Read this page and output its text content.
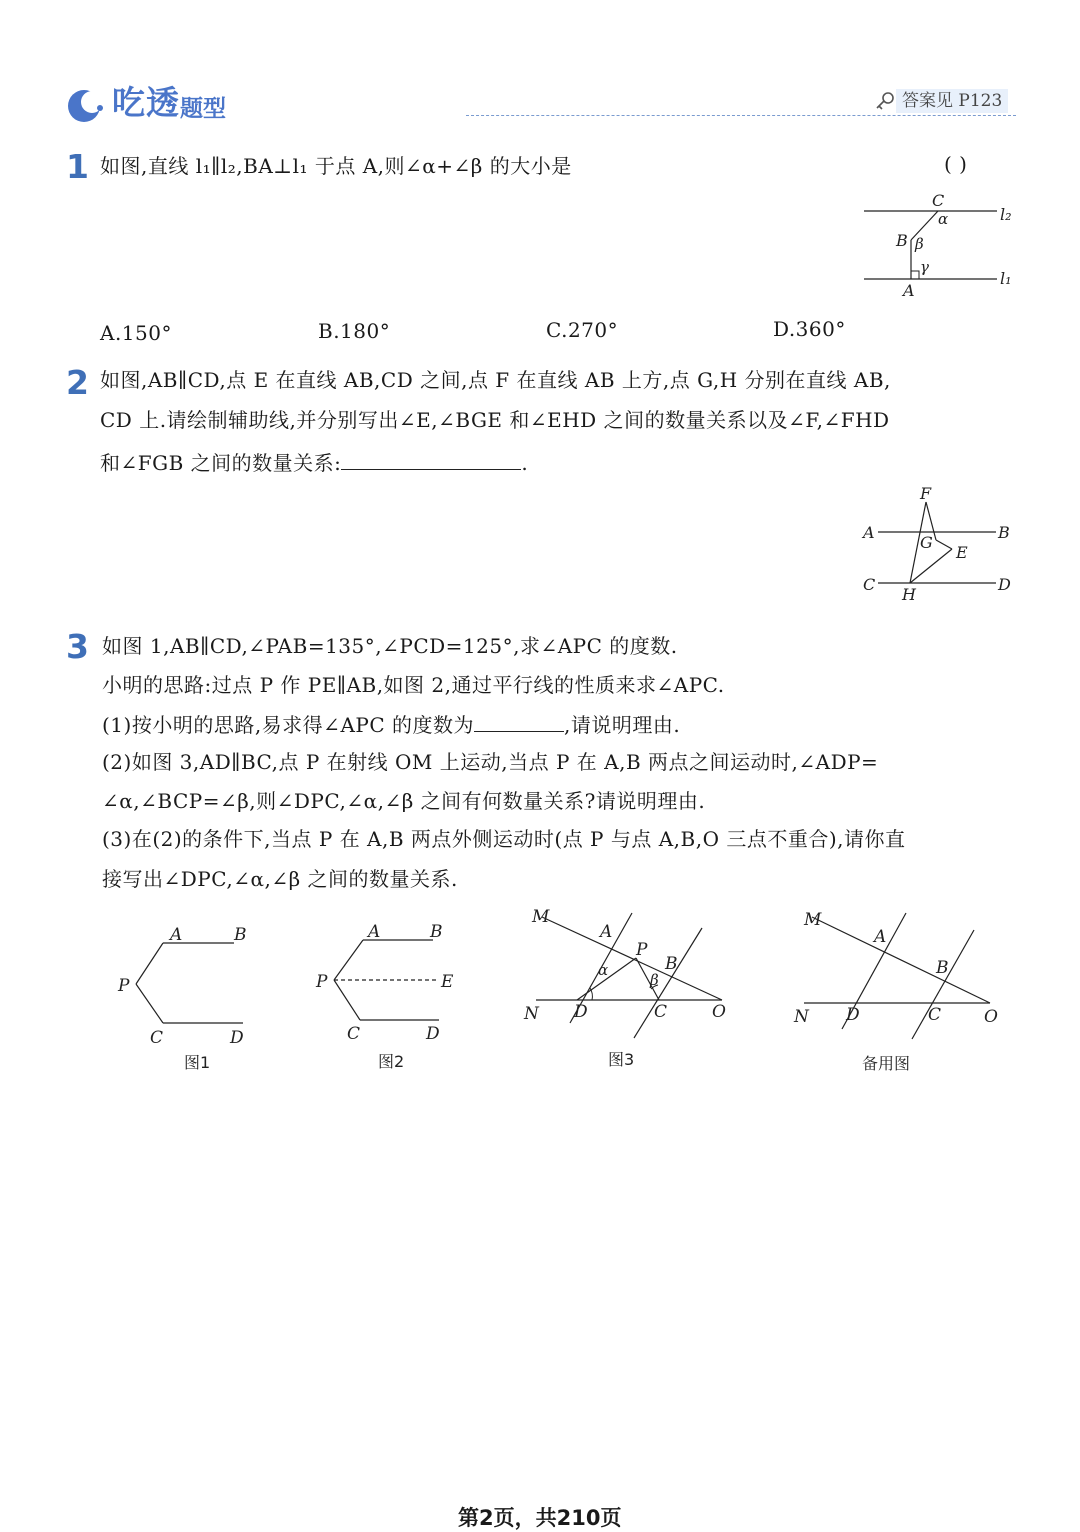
吃透 题型	答案见 P123
1 如图,直线 l₁∥l₂,BA⊥l₁ 于点 A,则∠α+∠β 的大小是	( )
C
α	l₂
B β
γ
A
l₁
A.150°	B.180°	C.270°	D.360°
2 如图,AB∥CD,点 E 在直线 AB,CD 之间,点 F 在直线 AB 上方,点 G,H 分别在直线 AB,
CD 上.请绘制辅助线,并分别写出∠E,∠BGE 和∠EHD 之间的数量关系以及∠F,∠FHD
和∠FGB 之间的数量关系:	.
F
A	B
G
E
C	D
H
3 如图 1,AB∥CD,∠PAB=135°,∠PCD=125°,求∠APC 的度数.
小明的思路:过点 P 作 PE∥AB,如图 2,通过平行线的性质来求∠APC.
(1)按小明的思路,易求得∠APC 的度数为	,请说明理由.
(2)如图 3,AD∥BC,点 P 在射线 OM 上运动,当点 P 在 A,B 两点之间运动时,∠ADP=
∠α,∠BCP=∠β,则∠DPC,∠α,∠β 之间有何数量关系?请说明理由.
(3)在(2)的条件下,当点 P 在 A,B 两点外侧运动时(点 P 与点 A,B,O 三点不重合),请你直
接写出∠DPC,∠α,∠β 之间的数量关系.
A	B
P
C	D
图1
A	B
P	E
C	D
图2
M
A
P
α	B
β
N D	C	O
图3
M
A
B
N D	C	O
备用图
第2页，共210页
